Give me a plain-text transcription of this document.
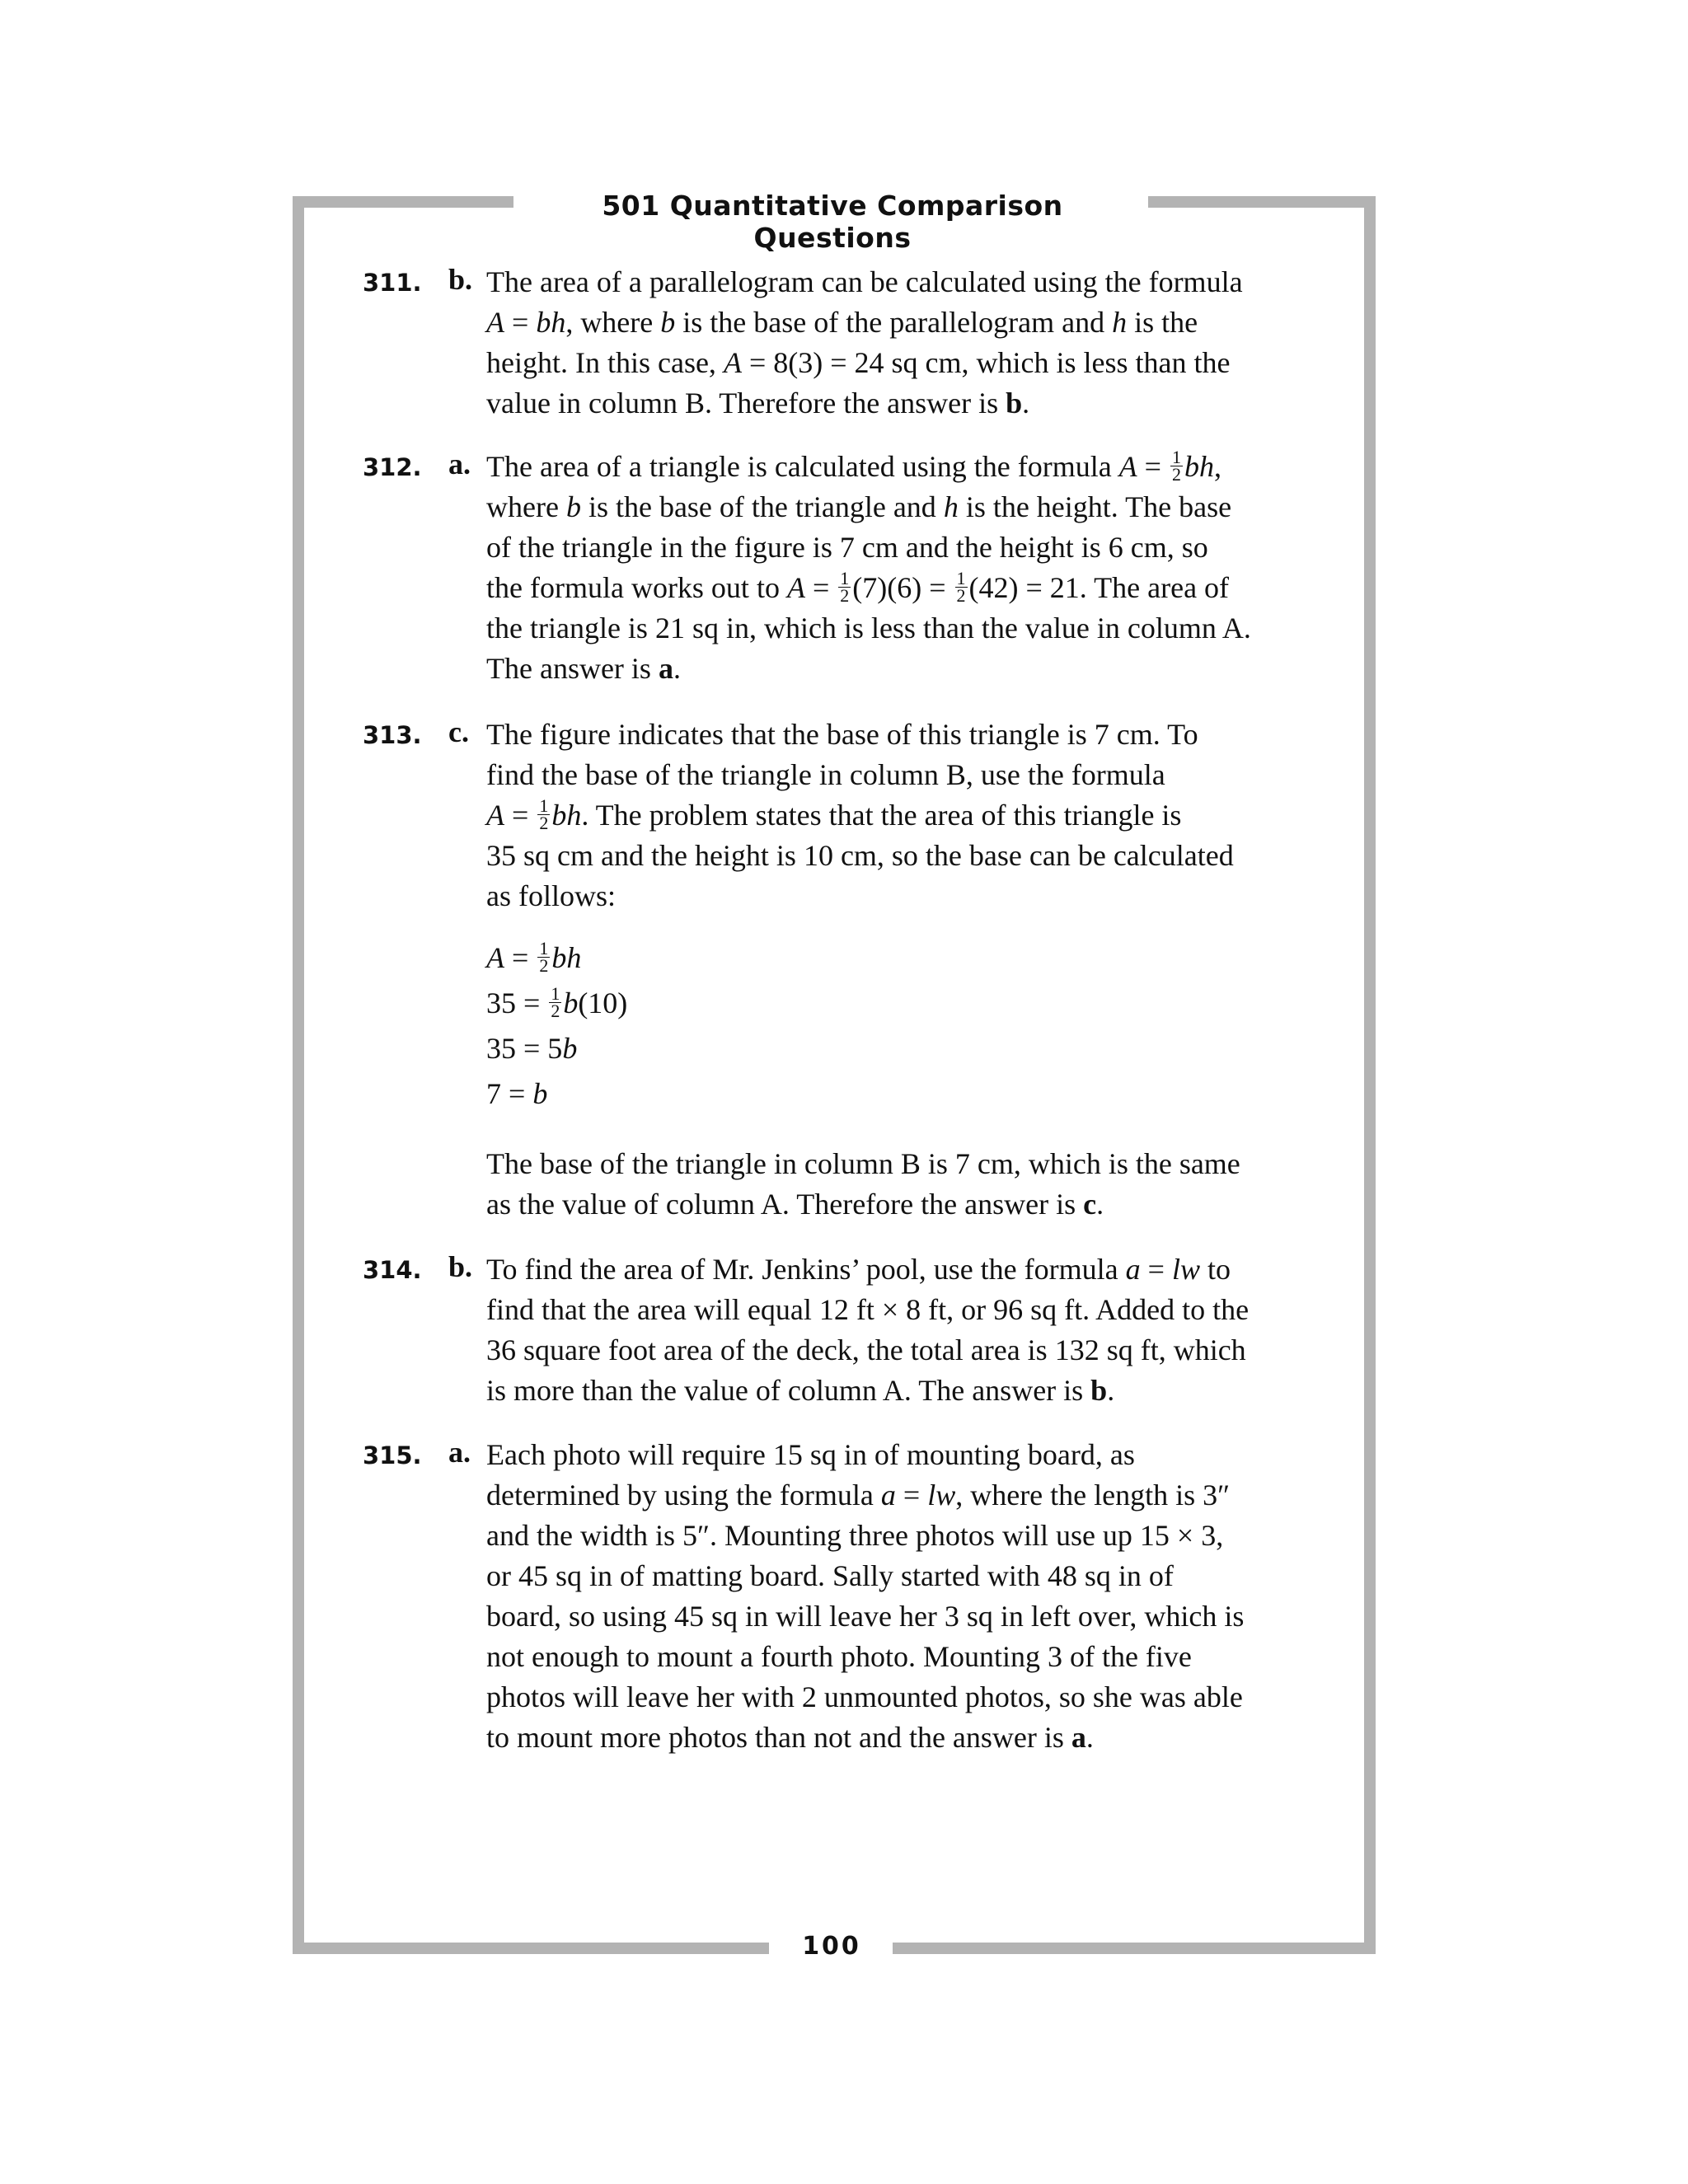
501 Quantitative Comparison Questions
311. b. The area of a parallelogram can be calculated using the formula
A = bh, where b is the base of the parallelogram and h is the
height. In this case, A = 8(3) = 24 sq cm, which is less than the
value in column B. Therefore the answer is b.
312. a. The area of a triangle is calculated using the formula $A = \frac{1}{2}$ bh,
where b is the base of the triangle and h is the height. The base
of the triangle in the figure is 7 cm and the height is 6 cm, so
the formula works out to $A = \frac{1}{2} (7)(6) = \frac{1}{2} (42) = 21$. The area of
the triangle is 21 sq in, which is less than the value in column A.
The answer is a.
313. c. The figure indicates that the base of this triangle is 7 cm. To
find the base of the triangle in column B, use the formula
$A = \frac{1}{2}$ bh. The problem states that the area of this triangle is
35 sq cm and the height is 10 cm, so the base can be calculated
as follows:
$A = \frac{1}{2}$ bh
$35 = \frac{1}{2} b(10)$
35 = 5b
7 = b
The base of the triangle in column B is 7 cm, which is the same
as the value of column A. Therefore the answer is c.
314. b. To find the area of Mr. Jenkins’ pool, use the formula a = lw to
find that the area will equal 12 ft × 8 ft, or 96 sq ft. Added to the
36 square foot area of the deck, the total area is 132 sq ft, which
is more than the value of column A. The answer is b.
315. a. Each photo will require 15 sq in of mounting board, as
determined by using the formula a = lw, where the length is 3″
and the width is 5″. Mounting three photos will use up 15 × 3,
or 45 sq in of matting board. Sally started with 48 sq in of
board, so using 45 sq in will leave her 3 sq in left over, which is
not enough to mount a fourth photo. Mounting 3 of the five
photos will leave her with 2 unmounted photos, so she was able
to mount more photos than not and the answer is a.
100
